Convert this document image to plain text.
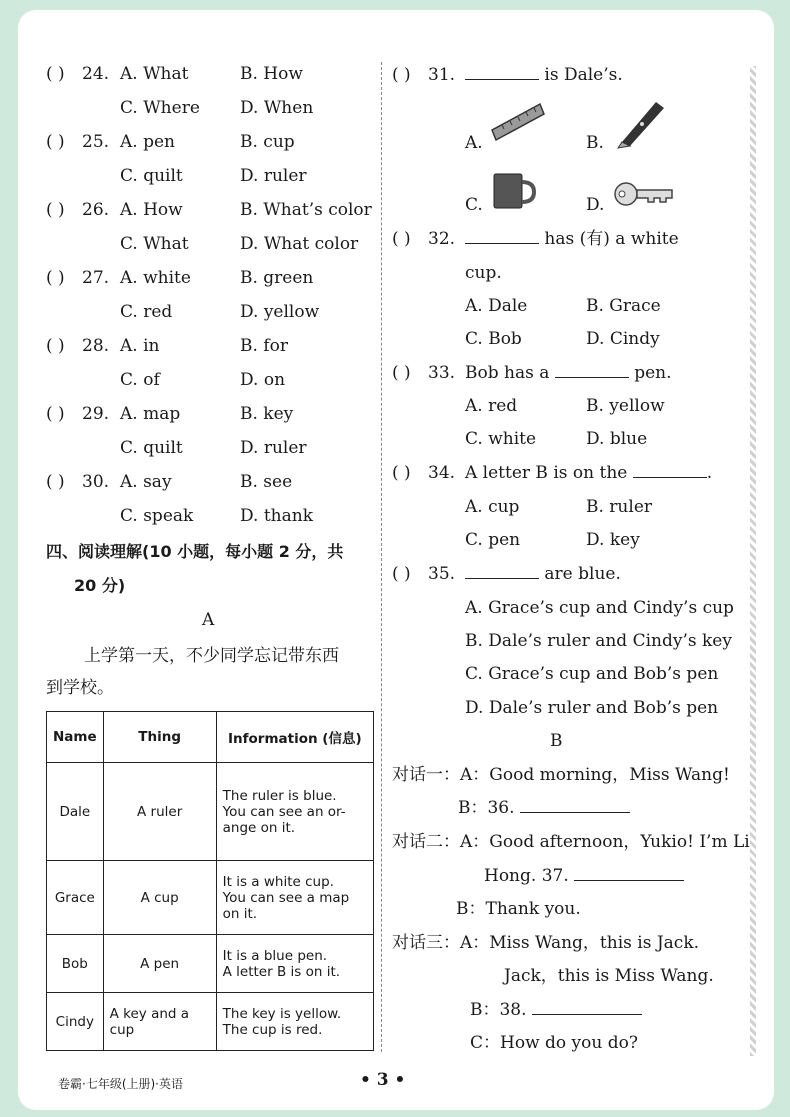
( ) 24. A. What	B. How
C. Where D. When
( ) 25. A. pen	B. cup
C. quilt	D. ruler
( ) 26. A. How	B. What’s color
C. What	D. What color
( ) 27. A. white	B. green
C. red	D. yellow
( ) 28. A. in	B. for
C. of	D. on
( ) 29. A. map	B. key
C. quilt	D. ruler
( ) 30. A. say	B. see
C. speak	D. thank
四、阅读理解(10 小题，每小题 2 分，共
20 分)
A
上学第一天，不少同学忘记带东西
到学校。
Name	Thing	Information (信息)
Dale	A ruler	The ruler is blue.
You can see an or-
ange on it.

Grace	A cup	It is a white cup.
You can see a map
on it.

Bob	A pen	It is a blue pen.
A letter B is on it.

Cindy	A key and a cup	The key is yellow.
The cup is red.
( ) 31.	is Dale’s.
A.	B.
C.	D.
( ) 32.	has (有) a white
cup.
A. Dale	B. Grace
C. Bob	D. Cindy
( ) 33. Bob has a	pen.
A. red	B. yellow
C. white	D. blue
( ) 34. A letter B is on the	.
A. cup	B. ruler
C. pen	D. key
( ) 35.	are blue.
A. Grace’s cup and Cindy’s cup
B. Dale’s ruler and Cindy’s key
C. Grace’s cup and Bob’s pen
D. Dale’s ruler and Bob’s pen
B
对话一：A：Good morning，Miss Wang!
B：36.
对话二：A：Good afternoon，Yukio! I’m Li
Hong. 37.
B：Thank you.
对话三：A：Miss Wang，this is Jack.
Jack，this is Miss Wang.
B：38.
C：How do you do?
卷霸·七年级(上册)·英语	• 3 •
